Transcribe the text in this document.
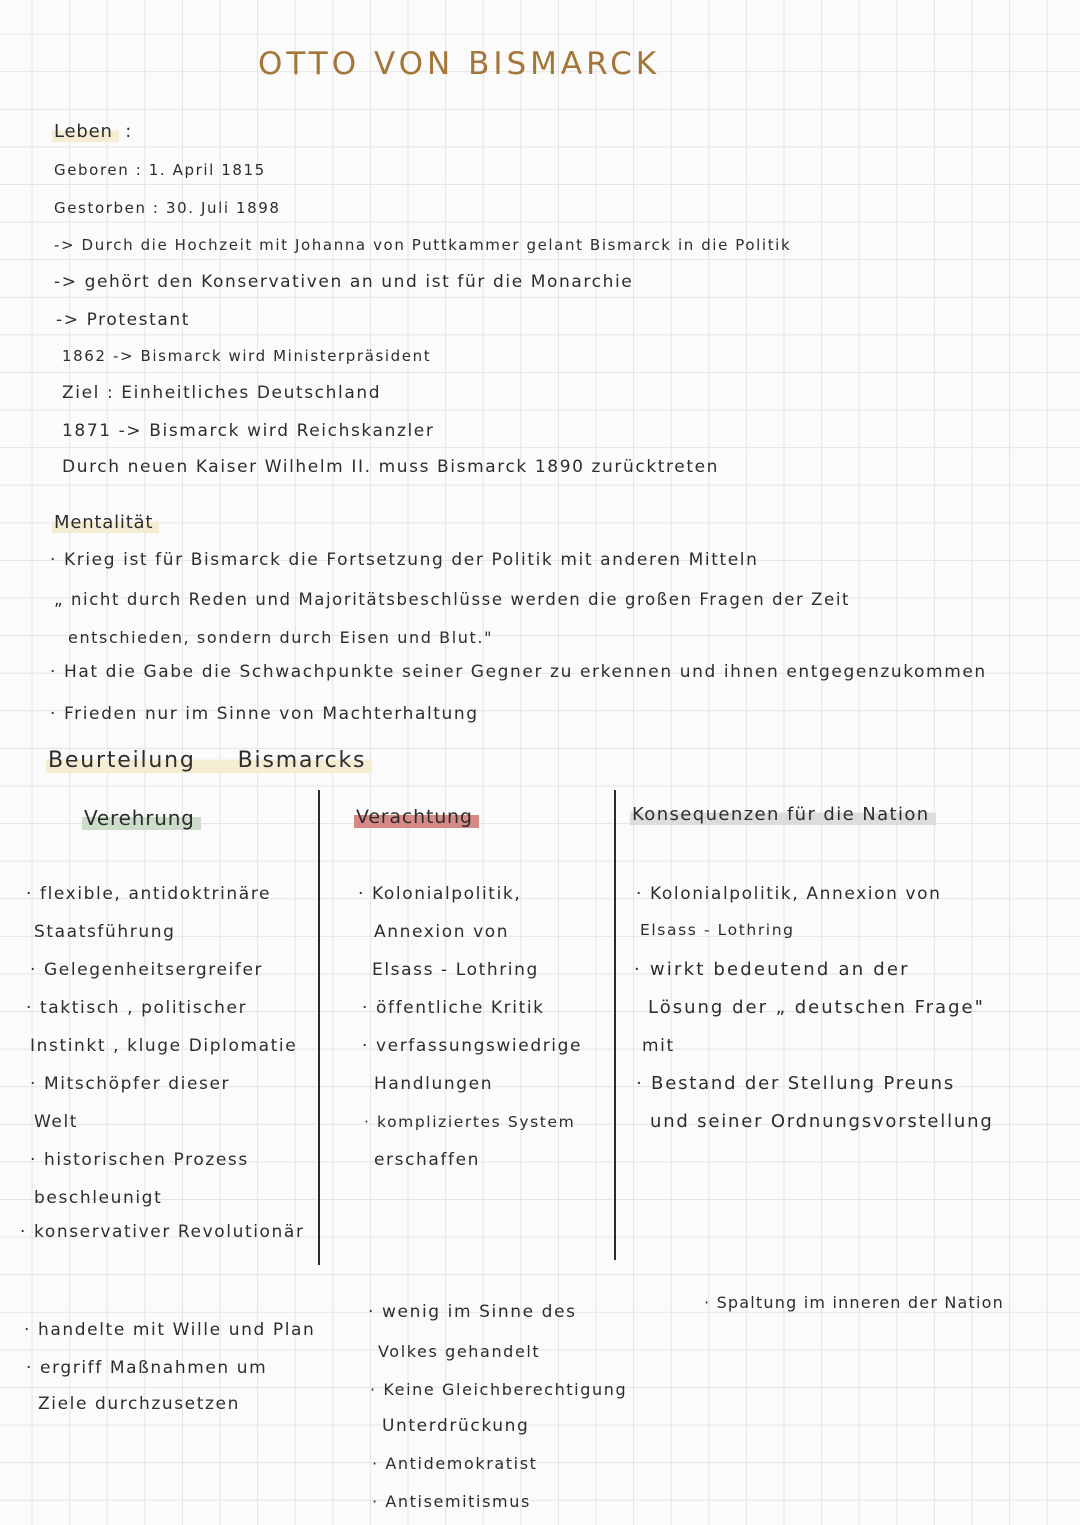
OTTO VON BISMARCK
Leben :
Geboren : 1. April 1815
Gestorben : 30. Juli 1898
-> Durch die Hochzeit mit Johanna von Puttkammer gelant Bismarck in die Politik
-> gehört den Konservativen an und ist für die Monarchie
-> Protestant
1862 -> Bismarck wird Ministerpräsident
Ziel : Einheitliches Deutschland
1871 -> Bismarck wird Reichskanzler
Durch neuen Kaiser Wilhelm II. muss Bismarck 1890 zurücktreten
Mentalität
· Krieg ist für Bismarck die Fortsetzung der Politik mit anderen Mitteln
„ nicht durch Reden und Majoritätsbeschlüsse werden die großen Fragen der Zeit
entschieden, sondern durch Eisen und Blut."
· Hat die Gabe die Schwachpunkte seiner Gegner zu erkennen und ihnen entgegenzukommen
· Frieden nur im Sinne von Machterhaltung
Beurteilung Bismarcks
Verehrung	Verachtung	Konsequenzen für die Nation
· flexible, antidoktrinäre
Staatsführung
· Gelegenheitsergreifer
· taktisch , politischer
Instinkt , kluge Diplomatie
· Mitschöpfer dieser
Welt
· historischen Prozess
beschleunigt
· konservativer Revolutionär
· Kolonialpolitik,
Annexion von
Elsass - Lothring
· öffentliche Kritik
· verfassungswiedrige
Handlungen
· kompliziertes System
erschaffen
· Kolonialpolitik, Annexion von
Elsass - Lothring
· wirkt bedeutend an der
Lösung der „ deutschen Frage"
mit
· Bestand der Stellung Preuns
und seiner Ordnungsvorstellung
· handelte mit Wille und Plan
· ergriff Maßnahmen um
Ziele durchzusetzen
· wenig im Sinne des
Volkes gehandelt
· Keine Gleichberechtigung
Unterdrückung
· Antidemokratist
· Antisemitismus
· Spaltung im inneren der Nation
